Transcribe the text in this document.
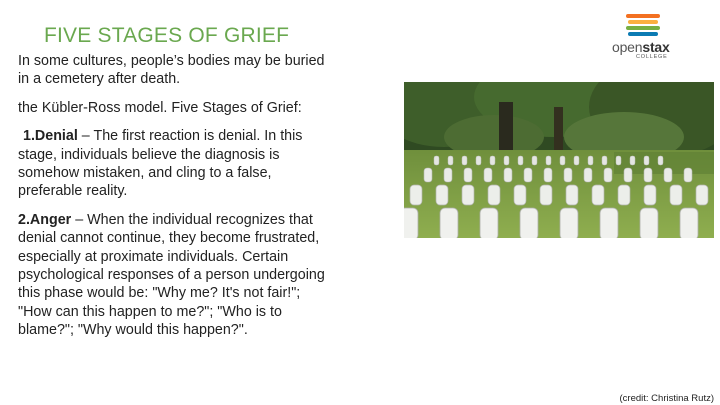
FIVE STAGES OF GRIEF

In some cultures, people’s bodies may be buried in a cemetery after death.

the Kübler-Ross model. Five Stages of Grief:

1.Denial – The first reaction is denial. In this stage, individuals believe the diagnosis is somehow mistaken, and cling to a false, preferable reality.

2.Anger – When the individual recognizes that denial cannot continue, they become frustrated, especially at proximate individuals. Certain psychological responses of a person undergoing this phase would be: "Why me? It's not fair!"; "How can this happen to me?"; "Who is to blame?"; "Why would this happen?".

openstax
COLLEGE
(credit: Christina Rutz)
